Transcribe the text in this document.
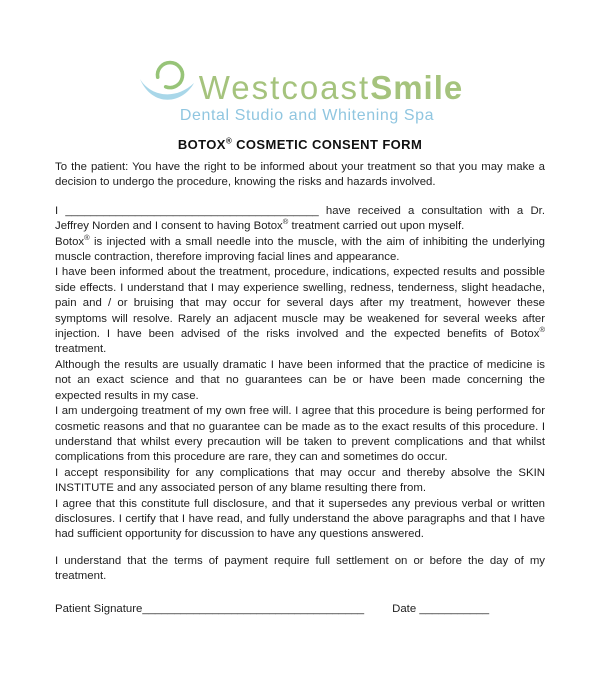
WestcoastSmile
Dental Studio and Whitening Spa
BOTOX® COSMETIC CONSENT FORM

To the patient: You have the right to be informed about your treatment so that you may make a decision to undergo the procedure, knowing the risks and hazards involved.

I ________________________________________ have received a consultation with a Dr. Jeffrey Norden and I consent to having Botox® treatment carried out upon myself.

Botox® is injected with a small needle into the muscle, with the aim of inhibiting the underlying muscle contraction, therefore improving facial lines and appearance.

I have been informed about the treatment, procedure, indications, expected results and possible side effects. I understand that I may experience swelling, redness, tenderness, slight headache, pain and / or bruising that may occur for several days after my treatment, however these symptoms will resolve. Rarely an adjacent muscle may be weakened for several weeks after injection. I have been advised of the risks involved and the expected benefits of Botox® treatment.

Although the results are usually dramatic I have been informed that the practice of medicine is not an exact science and that no guarantees can be or have been made concerning the expected results in my case.

I am undergoing treatment of my own free will. I agree that this procedure is being performed for cosmetic reasons and that no guarantee can be made as to the exact results of this procedure. I understand that whilst every precaution will be taken to prevent complications and that whilst complications from this procedure are rare, they can and sometimes do occur.

I accept responsibility for any complications that may occur and thereby absolve the SKIN INSTITUTE and any associated person of any blame resulting there from.

I agree that this constitute full disclosure, and that it supersedes any previous verbal or written disclosures. I certify that I have read, and fully understand the above paragraphs and that I have had sufficient opportunity for discussion to have any questions answered.

I understand that the terms of payment require full settlement on or before the day of my treatment.

Patient Signature ___________________________________ Date ___________
